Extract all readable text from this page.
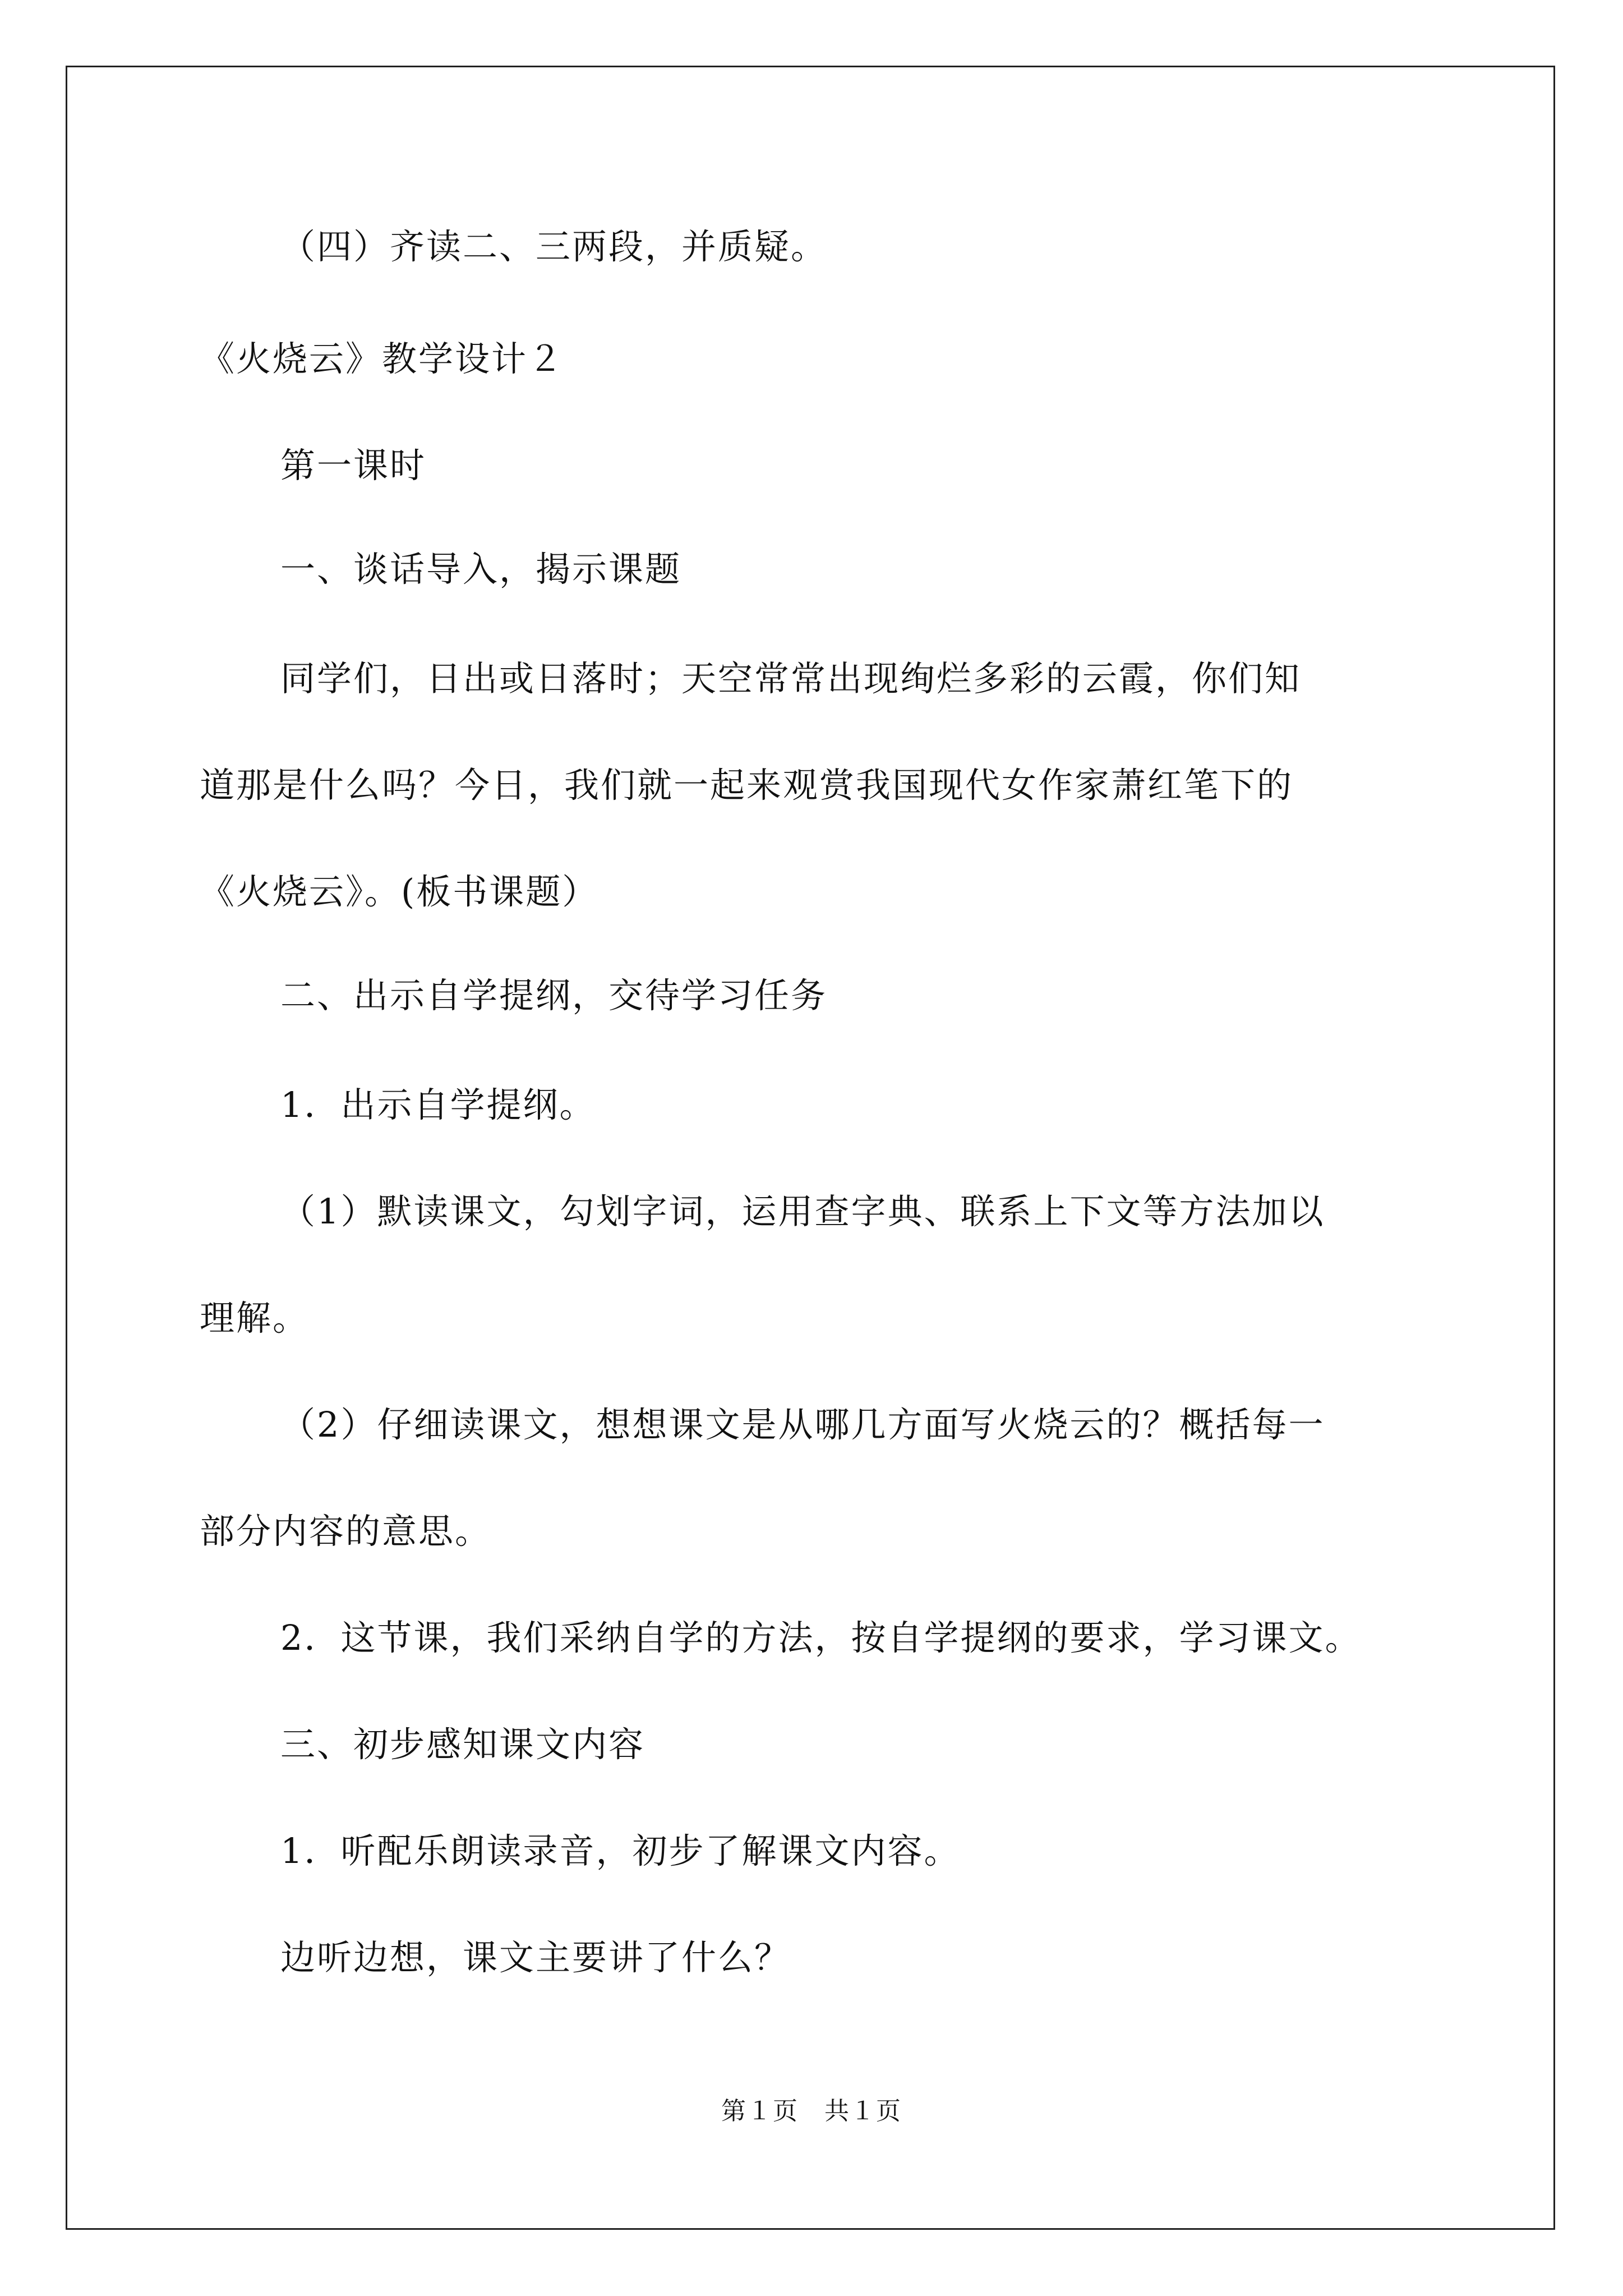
（四）齐读二、三两段，并质疑。

《火烧云》教学设计２

第一课时

一、谈话导入，揭示课题

同学们，日出或日落时；天空常常出现绚烂多彩的云霞，你们知

道那是什么吗？今日，我们就一起来观赏我国现代女作家萧红笔下的

《火烧云》。(板书课题）

二、出示自学提纲，交待学习任务

1．出示自学提纲。

（1）默读课文，勾划字词，运用查字典、联系上下文等方法加以

理解。

（2）仔细读课文，想想课文是从哪几方面写火烧云的？概括每一

部分内容的意思。

2．这节课，我们采纳自学的方法，按自学提纲的要求，学习课文。

三、初步感知课文内容

1．听配乐朗读录音，初步了解课文内容。

边听边想，课文主要讲了什么？

第１页　共１页
